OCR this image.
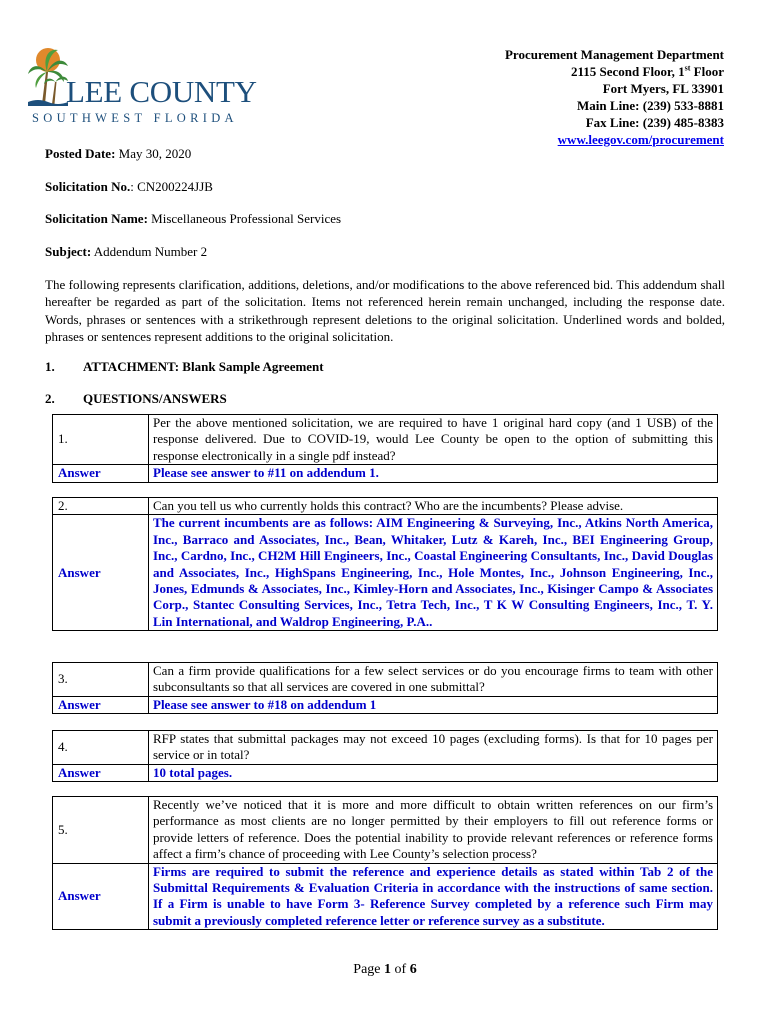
LEE COUNTY
SOUTHWEST FLORIDA
Procurement Management Department
2115 Second Floor, 1st Floor
Fort Myers, FL 33901
Main Line: (239) 533-8881
Fax Line: (239) 485-8383
www.leegov.com/procurement
Posted Date: May 30, 2020
Solicitation No.: CN200224JJB
Solicitation Name: Miscellaneous Professional Services
Subject: Addendum Number 2
The following represents clarification, additions, deletions, and/or modifications to the above referenced bid. This addendum shall hereafter be regarded as part of the solicitation. Items not referenced herein remain unchanged, including the response date. Words, phrases or sentences with a strikethrough represent deletions to the original solicitation. Underlined words and bolded, phrases or sentences represent additions to the original solicitation.
1. ATTACHMENT: Blank Sample Agreement
2. QUESTIONS/ANSWERS
1.	Per the above mentioned solicitation, we are required to have 1 original hard copy (and 1 USB) of the response delivered. Due to COVID-19, would Lee County be open to the option of submitting this response electronically in a single pdf instead?
Answer	Please see answer to #11 on addendum 1.
2.	Can you tell us who currently holds this contract? Who are the incumbents? Please advise.
Answer	The current incumbents are as follows: AIM Engineering & Surveying, Inc., Atkins North America, Inc., Barraco and Associates, Inc., Bean, Whitaker, Lutz & Kareh, Inc., BEI Engineering Group, Inc., Cardno, Inc., CH2M Hill Engineers, Inc., Coastal Engineering Consultants, Inc., David Douglas and Associates, Inc., HighSpans Engineering, Inc., Hole Montes, Inc., Johnson Engineering, Inc., Jones, Edmunds & Associates, Inc., Kimley-Horn and Associates, Inc., Kisinger Campo & Associates Corp., Stantec Consulting Services, Inc., Tetra Tech, Inc., T K W Consulting Engineers, Inc., T. Y. Lin International, and Waldrop Engineering, P.A..
3.	Can a firm provide qualifications for a few select services or do you encourage firms to team with other subconsultants so that all services are covered in one submittal?
Answer	Please see answer to #18 on addendum 1
4.	RFP states that submittal packages may not exceed 10 pages (excluding forms). Is that for 10 pages per service or in total?
Answer	10 total pages.
5.	Recently we’ve noticed that it is more and more difficult to obtain written references on our firm’s performance as most clients are no longer permitted by their employers to fill out reference forms or provide letters of reference. Does the potential inability to provide relevant references or reference forms affect a firm’s chance of proceeding with Lee County’s selection process?
Answer	Firms are required to submit the reference and experience details as stated within Tab 2 of the Submittal Requirements & Evaluation Criteria in accordance with the instructions of same section. If a Firm is unable to have Form 3- Reference Survey completed by a reference such Firm may submit a previously completed reference letter or reference survey as a substitute.
Page 1 of 6
